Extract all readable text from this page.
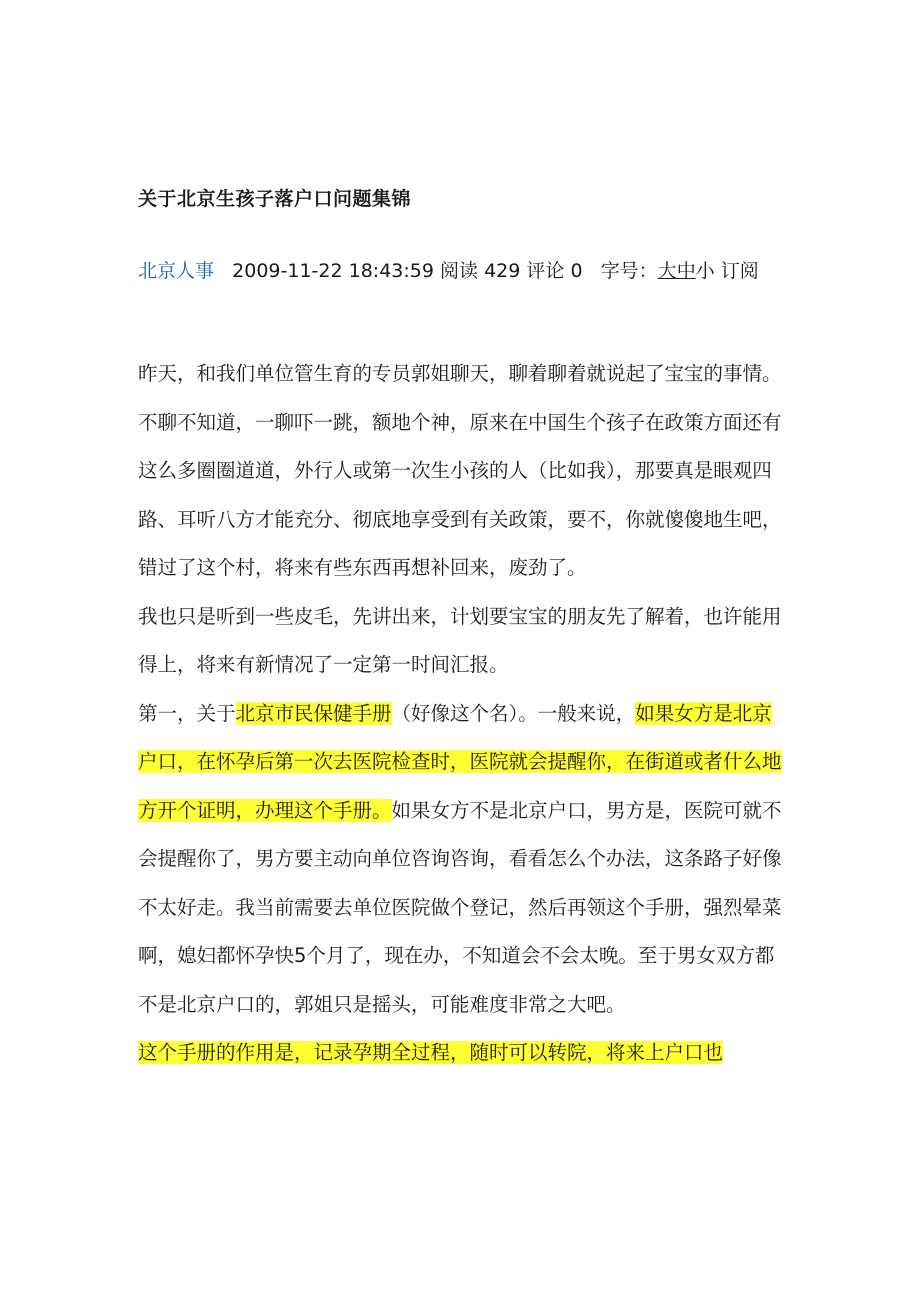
关于北京生孩子落户口问题集锦
北京人事 2009-11-22 18:43:59 阅读 429 评论 0 字号：大中小 订阅

昨天，和我们单位管生育的专员郭姐聊天，聊着聊着就说起了宝宝的事情。不聊不知道，一聊吓一跳，额地个神，原来在中国生个孩子在政策方面还有这么多圈圈道道，外行人或第一次生小孩的人（比如我），那要真是眼观四路、耳听八方才能充分、彻底地享受到有关政策，要不，你就傻傻地生吧，错过了这个村，将来有些东西再想补回来，废劲了。

我也只是听到一些皮毛，先讲出来，计划要宝宝的朋友先了解着，也许能用得上，将来有新情况了一定第一时间汇报。

第一，关于北京市民保健手册（好像这个名）。一般来说，如果女方是北京户口，在怀孕后第一次去医院检查时，医院就会提醒你，在街道或者什么地方开个证明，办理这个手册。如果女方不是北京户口，男方是，医院可就不会提醒你了，男方要主动向单位咨询咨询，看看怎么个办法，这条路子好像不太好走。我当前需要去单位医院做个登记，然后再领这个手册，强烈晕菜啊，媳妇都怀孕快5个月了，现在办，不知道会不会太晚。至于男女双方都不是北京户口的，郭姐只是摇头，可能难度非常之大吧。

这个手册的作用是，记录孕期全过程，随时可以转院，将来上户口也
